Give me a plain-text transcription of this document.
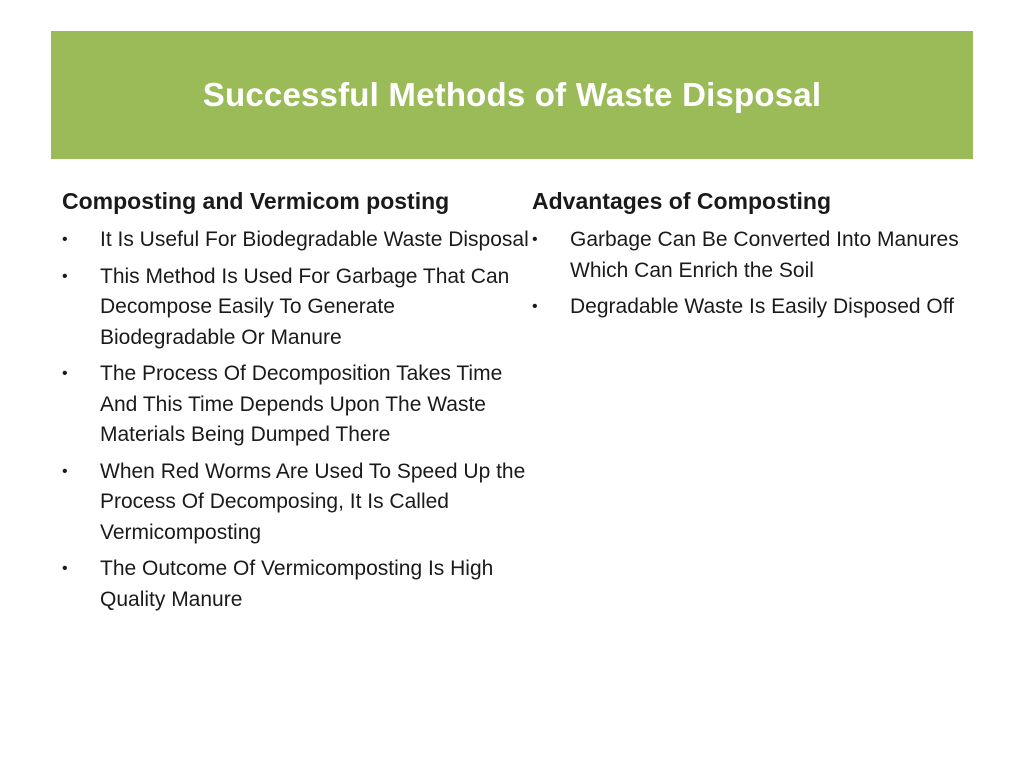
Successful Methods of Waste Disposal
Composting and Vermicom posting
•	It Is Useful For Biodegradable Waste Disposal
•	This Method Is Used For Garbage That Can Decompose Easily To Generate Biodegradable Or Manure
•	The Process Of Decomposition Takes Time And This Time Depends Upon The Waste Materials Being Dumped There
•	When Red Worms Are Used To Speed Up the Process Of Decomposing, It Is Called Vermicomposting
•	The Outcome Of Vermicomposting Is High Quality Manure
Advantages of Composting
•	Garbage Can Be Converted Into Manures Which Can Enrich the Soil
•	Degradable Waste Is Easily Disposed Off
